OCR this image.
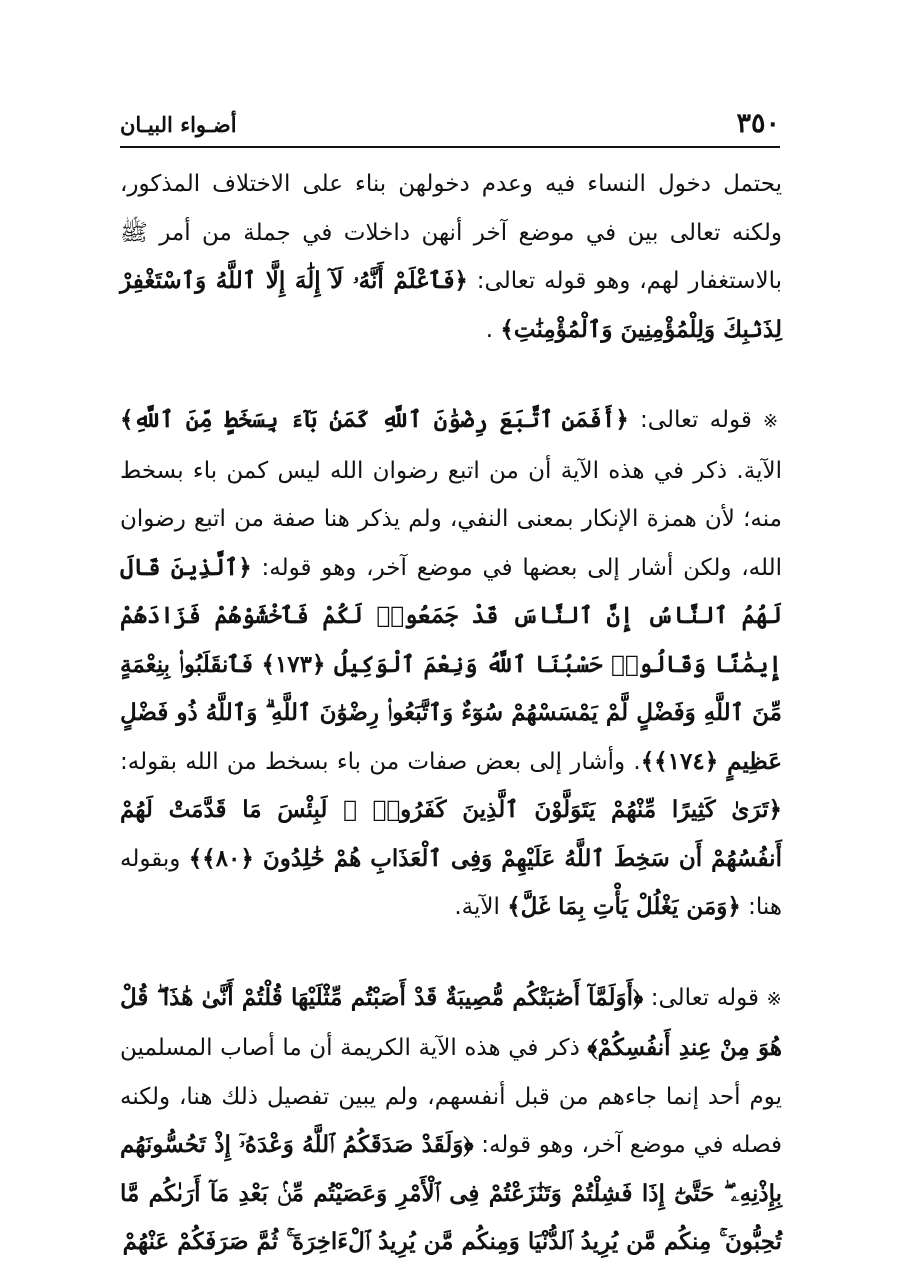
٣٥٠
أضـواء البيـان

يحتمل دخول النساء فيه وعدم دخولهن بناء على الاختلاف المذكور، ولكنه تعالى بين في موضع آخر أنهن داخلات في جملة من أمر ﷺ بالاستغفار لهم، وهو قوله تعالى: ﴿فَٱعْلَمْ أَنَّهُۥ لَآ إِلَٰهَ إِلَّا ٱللَّهُ وَٱسْتَغْفِرْ لِذَنۢبِكَ وَلِلْمُؤْمِنِينَ وَٱلْمُؤْمِنَٰتِ﴾ .

※ قوله تعالى: ﴿أَفَمَنِ ٱتَّبَعَ رِضْوَٰنَ ٱللَّهِ كَمَنۢ بَآءَ بِسَخَطٍ مِّنَ ٱللَّهِ﴾ الآية. ذكر في هذه الآية أن من اتبع رضوان الله ليس كمن باء بسخط منه؛ لأن همزة الإنكار بمعنى النفي، ولم يذكر هنا صفة من اتبع رضوان الله، ولكن أشار إلى بعضها في موضع آخر، وهو قوله: ﴿ٱلَّذِينَ قَالَ لَهُمُ ٱلنَّاسُ إِنَّ ٱلنَّاسَ قَدْ جَمَعُوا۟ لَكُمْ فَٱخْشَوْهُمْ فَزَادَهُمْ إِيمَٰنًا وَقَالُوا۟ حَسْبُنَا ٱللَّهُ وَنِعْمَ ٱلْوَكِيلُ ﴿١٧٣﴾ فَٱنقَلَبُوا۟ بِنِعْمَةٍ مِّنَ ٱللَّهِ وَفَضْلٍ لَّمْ يَمْسَسْهُمْ سُوٓءٌ وَٱتَّبَعُوا۟ رِضْوَٰنَ ٱللَّهِ ۗ وَٱللَّهُ ذُو فَضْلٍ عَظِيمٍ ﴿١٧٤﴾﴾. وأشار إلى بعض صفات من باء بسخط من الله بقوله: ﴿تَرَىٰ كَثِيرًا مِّنْهُمْ يَتَوَلَّوْنَ ٱلَّذِينَ كَفَرُوا۟ ۚ لَبِئْسَ مَا قَدَّمَتْ لَهُمْ أَنفُسُهُمْ أَن سَخِطَ ٱللَّهُ عَلَيْهِمْ وَفِى ٱلْعَذَابِ هُمْ خَٰلِدُونَ ﴿٨٠﴾﴾ وبقوله هنا: ﴿وَمَن يَغْلُلْ يَأْتِ بِمَا غَلَّ﴾ الآية.

※ قوله تعالى: ﴿أَوَلَمَّآ أَصَٰبَتْكُم مُّصِيبَةٌ قَدْ أَصَبْتُم مِّثْلَيْهَا قُلْتُمْ أَنَّىٰ هَٰذَا ۖ قُلْ هُوَ مِنْ عِندِ أَنفُسِكُمْ﴾ ذكر في هذه الآية الكريمة أن ما أصاب المسلمين يوم أحد إنما جاءهم من قبل أنفسهم، ولم يبين تفصيل ذلك هنا، ولكنه فصله في موضع آخر، وهو قوله: ﴿وَلَقَدْ صَدَقَكُمُ ٱللَّهُ وَعْدَهُۥٓ إِذْ تَحُسُّونَهُم بِإِذْنِهِۦ ۖ حَتَّىٰٓ إِذَا فَشِلْتُمْ وَتَنَٰزَعْتُمْ فِى ٱلْأَمْرِ وَعَصَيْتُم مِّنۢ بَعْدِ مَآ أَرَىٰكُم مَّا تُحِبُّونَ ۚ مِنكُم مَّن يُرِيدُ ٱلدُّنْيَا وَمِنكُم مَّن يُرِيدُ ٱلْءَاخِرَةَ ۚ ثُمَّ صَرَفَكُمْ عَنْهُمْ
